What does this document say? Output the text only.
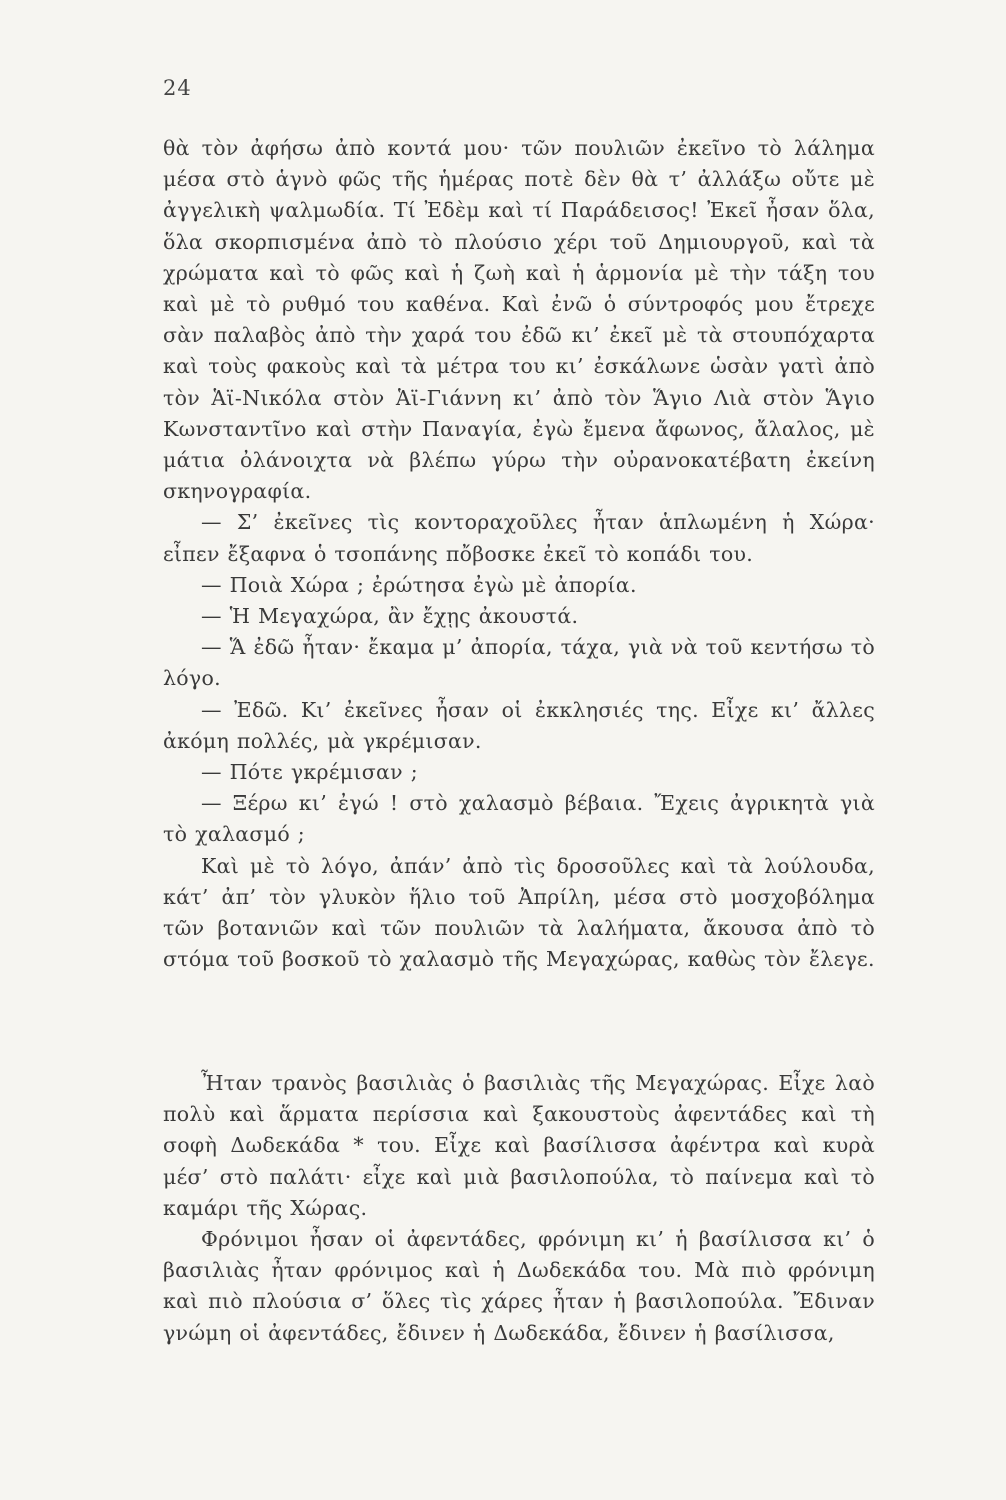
24

θὰ τὸν ἀφήσω ἀπὸ κοντά μου· τῶν πουλιῶν ἐκεῖνο τὸ λάλημα μέσα στὸ ἁγνὸ φῶς τῆς ἡμέρας ποτὲ δὲν θὰ τ’ ἀλλάξω οὔτε μὲ ἀγγελικὴ ψαλμωδία. Τί Ἐδὲμ καὶ τί Παράδεισος! Ἐκεῖ ἦσαν ὅλα, ὅλα σκορπισμένα ἀπὸ τὸ πλούσιο χέρι τοῦ Δημιουργοῦ, καὶ τὰ χρώματα καὶ τὸ φῶς καὶ ἡ ζωὴ καὶ ἡ ἁρμονία μὲ τὴν τάξη του καὶ μὲ τὸ ρυθμό του καθένα. Καὶ ἐνῶ ὁ σύντροφός μου ἔτρεχε σὰν παλαβὸς ἀπὸ τὴν χαρά του ἐδῶ κι’ ἐκεῖ μὲ τὰ στουπόχαρτα καὶ τοὺς φακοὺς καὶ τὰ μέτρα του κι’ ἐσκάλωνε ὡσὰν γατὶ ἀπὸ τὸν Ἁϊ-Νικόλα στὸν Ἁϊ-Γιάννη κι’ ἀπὸ τὸν Ἅγιο Λιὰ στὸν Ἅγιο Κωνσταντῖνο καὶ στὴν Παναγία, ἐγὼ ἔμενα ἄφωνος, ἄλαλος, μὲ μάτια ὀλάνοιχτα νὰ βλέπω γύρω τὴν οὐρανοκατέβατη ἐκείνη σκηνογραφία.

— Σ’ ἐκεῖνες τὶς κοντοραχοῦλες ἦταν ἁπλωμένη ἡ Χώρα· εἶπεν ἔξαφνα ὁ τσοπάνης πὄβοσκε ἐκεῖ τὸ κοπάδι του.

— Ποιὰ Χώρα ; ἐρώτησα ἐγὼ μὲ ἀπορία.

— Ἡ Μεγαχώρα, ἂν ἔχῃς ἀκουστά.

— Ἅ ἐδῶ ἦταν· ἔκαμα μ’ ἀπορία, τάχα, γιὰ νὰ τοῦ κεντήσω τὸ λόγο.

— Ἐδῶ. Κι’ ἐκεῖνες ἦσαν οἱ ἐκκλησιές της. Εἶχε κι’ ἄλλες ἀκόμη πολλές, μὰ γκρέμισαν.

— Πότε γκρέμισαν ;

— Ξέρω κι’ ἐγώ ! στὸ χαλασμὸ βέβαια. Ἔχεις ἀγρικητὰ γιὰ τὸ χαλασμό ;

Καὶ μὲ τὸ λόγο, ἀπάν’ ἀπὸ τὶς δροσοῦλες καὶ τὰ λούλουδα, κάτ’ ἀπ’ τὸν γλυκὸν ἥλιο τοῦ Ἀπρίλη, μέσα στὸ μοσχοβόλημα τῶν βοτανιῶν καὶ τῶν πουλιῶν τὰ λαλήματα, ἄκουσα ἀπὸ τὸ στόμα τοῦ βοσκοῦ τὸ χαλασμὸ τῆς Μεγαχώρας, καθὼς τὸν ἔλεγε.

Ἦταν τρανὸς βασιλιὰς ὁ βασιλιὰς τῆς Μεγαχώρας. Εἶχε λαὸ πολὺ καὶ ἅρματα περίσσια καὶ ξακουστοὺς ἀφεντάδες καὶ τὴ σοφὴ Δωδεκάδα * του. Εἶχε καὶ βασίλισσα ἀφέντρα καὶ κυρὰ μέσ’ στὸ παλάτι· εἶχε καὶ μιὰ βασιλοπούλα, τὸ παίνεμα καὶ τὸ καμάρι τῆς Χώρας.

Φρόνιμοι ἦσαν οἱ ἀφεντάδες, φρόνιμη κι’ ἡ βασίλισσα κι’ ὁ βασιλιὰς ἦταν φρόνιμος καὶ ἡ Δωδεκάδα του. Μὰ πιὸ φρόνιμη καὶ πιὸ πλούσια σ’ ὅλες τὶς χάρες ἦταν ἡ βασιλοπούλα. Ἔδιναν γνώμη οἱ ἀφεντάδες, ἔδινεν ἡ Δωδεκάδα, ἔδινεν ἡ βασίλισσα,
